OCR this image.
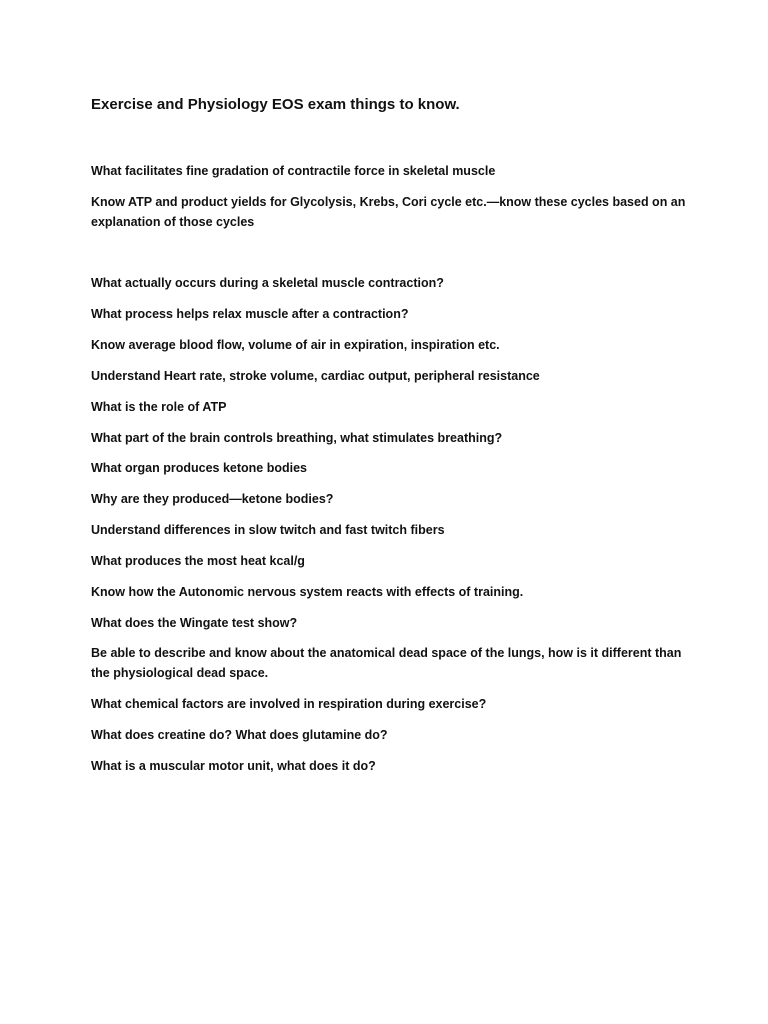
Exercise and Physiology EOS exam things to know.

What facilitates fine gradation of contractile force in skeletal muscle

Know ATP and product yields for Glycolysis, Krebs, Cori cycle etc.—know these cycles based on an explanation of those cycles

What actually occurs during a skeletal muscle contraction?

What process helps relax muscle after a contraction?

Know average blood flow, volume of air in expiration, inspiration etc.

Understand Heart rate, stroke volume, cardiac output, peripheral resistance

What is the role of ATP

What part of the brain controls breathing, what stimulates breathing?

What organ produces ketone bodies

Why are they produced—ketone bodies?

Understand differences in slow twitch and fast twitch fibers

What produces the most heat kcal/g

Know how the Autonomic nervous system reacts with effects of training.

What does the Wingate test show?

Be able to describe and know about the anatomical dead space of the lungs, how is it different than the physiological dead space.

What chemical factors are involved in respiration during exercise?

What does creatine do? What does glutamine do?

What is a muscular motor unit, what does it do?
